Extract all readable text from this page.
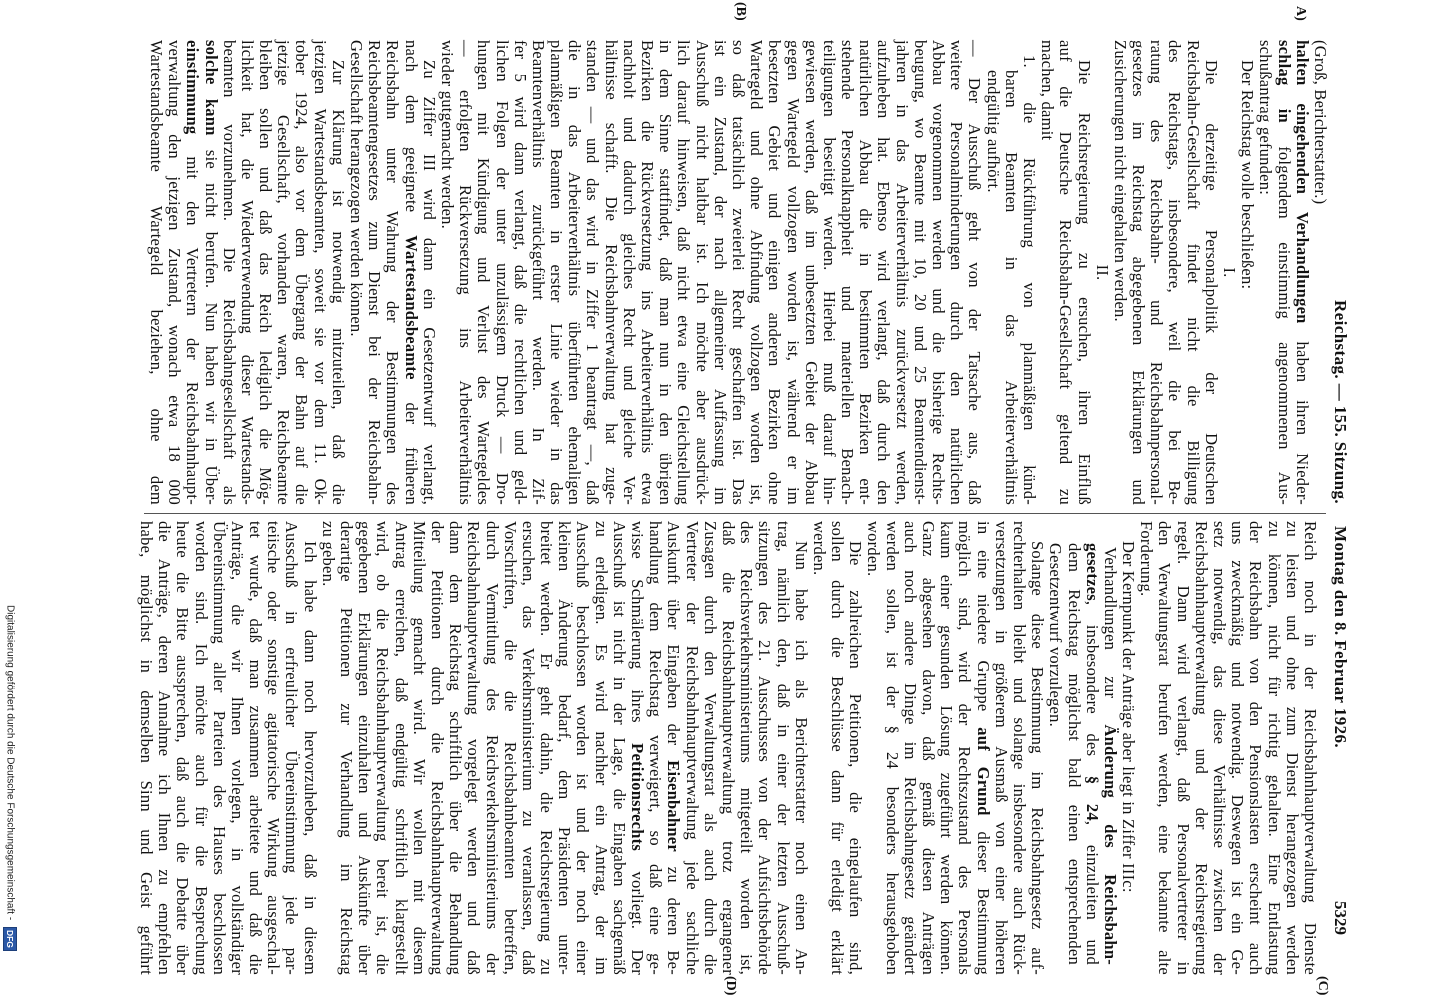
Reichstag. — 155. Sitzung.
Montag den 8. Februar 1926.
5329
A)
(B)
(C)
(D)
(Groß, Berichterstatter.)
halten eingehenden Verhandlungen haben ihren Nieder-
schlag in folgendem einstimmig angenommenen Aus-
schußantrag gefunden:
Der Reichstag wolle beschließen:
I.
Die derzeitige Personalpolitik der Deutschen
Reichsbahn-Gesellschaft findet nicht die Billigung
des Reichstags, insbesondere, weil die bei Be-
ratung des Reichsbahn- und Reichsbahnpersonal-
gesetzes im Reichstag abgegebenen Erklärungen und
Zusicherungen nicht eingehalten werden.
II.
Die Reichsregierung zu ersuchen, ihren Einfluß
auf die Deutsche Reichsbahn-Gesellschaft geltend zu
machen, damit
1. die Rückführung von planmäßigen künd-
baren Beamten in das Arbeiterverhältnis
endgültig aufhört.
— Der Ausschuß geht von der Tatsache aus, daß
weitere Personalminderungen durch den natürlichen
Abbau vorgenommen werden und die bisherige Rechts-
beugung, wo Beamte mit 10, 20 und 25 Beamtendienst-
jahren in das Arbeiterverhältnis zurückversetzt werden,
aufzuheben hat. Ebenso wird verlangt, daß durch den
natürlichen Abbau die in bestimmten Bezirken ent-
stehende Personalknappheit und materiellen Benach-
teiligungen beseitigt werden. Hierbei muß darauf hin-
gewiesen werden, daß im unbesetzten Gebiet der Abbau
gegen Wartegeld vollzogen worden ist, während er im
besetzten Gebiet und einigen anderen Bezirken ohne
Wartegeld und ohne Abfindung vollzogen worden ist,
so daß tatsächlich zweierlei Recht geschaffen ist. Das
ist ein Zustand, der nach allgemeiner Auffassung im
Ausschuß nicht haltbar ist. Ich möchte aber ausdrück-
lich darauf hinweisen, daß nicht etwa eine Gleichstellung
in dem Sinne stattfindet, daß man nun in den übrigen
Bezirken die Rückversetzung ins Arbeiterverhältnis etwa
nachholt und dadurch gleiches Recht und gleiche Ver-
hältnisse schafft. Die Reichsbahnverwaltung hat zuge-
standen — und das wird in Ziffer 1 beantragt —, daß
die in das Arbeiterverhältnis überführten ehemaligen
planmäßigen Beamten in erster Linie wieder in das
Beamtenverhältnis zurückgeführt werden. In Zif-
fer 5 wird dann verlangt, daß die rechtlichen und geld-
lichen Folgen der unter unzulässigem Druck — Dro-
hungen mit Kündigung und Verlust des Wartegeldes
— erfolgten Rückversetzung ins Arbeiterverhältnis
wieder gutgemacht werden.
Zu Ziffer III wird dann ein Gesetzentwurf verlangt,
nach dem geeignete Wartestandsbeamte der früheren
Reichsbahn unter Wahrung der Bestimmungen des
Reichsbeamtengesetzes zum Dienst bei der Reichsbahn-
Gesellschaft herangezogen werden können.
Zur Klärung ist notwendig mitzuteilen, daß die
jetzigen Wartestandsbeamten, soweit sie vor dem 11. Ok-
tober 1924, also vor dem Übergang der Bahn auf die
jetzige Gesellschaft, vorhanden waren, Reichsbeamte
bleiben sollen und daß das Reich lediglich die Mög-
lichkeit hat, die Wiederverwendung dieser Wartestands-
beamten vorzunehmen. Die Reichsbahngesellschaft als
solche kann sie nicht berufen. Nun haben wir in Über-
einstimmung mit den Vertretern der Reichsbahnhaupt-
verwaltung den jetzigen Zustand, wonach etwa 18 000
Wartestandsbeamte Wartegeld beziehen, ohne dem
Reich noch in der Reichsbahnhauptverwaltung Dienste
zu leisten und ohne zum Dienst herangezogen werden
zu können, nicht für richtig gehalten. Eine Entlastung
der Reichsbahn von den Pensionslasten erscheint auch
uns zweckmäßig und notwendig. Deswegen ist ein Ge-
setz notwendig, das diese Verhältnisse zwischen der
Reichsbahnhauptverwaltung und der Reichsregierung
regelt. Dann wird verlangt, daß Personalvertreter in
den Verwaltungsrat berufen werden, eine bekannte alte
Forderung.
Der Kernpunkt der Anträge aber liegt in Ziffer IIIc:
Verhandlungen zur Änderung des Reichsbahn-
gesetzes, insbesondere des § 24, einzuleiten und
dem Reichstag möglichst bald einen entsprechenden
Gesetzentwurf vorzulegen.
Solange diese Bestimmung im Reichsbahngesetz auf-
rechterhalten bleibt und solange insbesondere auch Rück-
versetzungen in größerem Ausmaß von einer höheren
in eine niedere Gruppe auf Grund dieser Bestimmung
möglich sind, wird der Rechtszustand des Personals
kaum einer gesunden Lösung zugeführt werden können.
Ganz abgesehen davon, daß gemäß diesen Anträgen
auch noch andere Dinge im Reichsbahngesetz geändert
werden sollen, ist der § 24 besonders herausgehoben
worden.
Die zahlreichen Petitionen, die eingelaufen sind,
sollen durch die Beschlüsse dann für erledigt erklärt
werden.
Nun habe ich als Berichterstatter noch einen An-
trag, nämlich den, daß in einer der letzten Ausschuß-
sitzungen des 21. Ausschusses von der Aufsichtsbehörde
des Reichsverkehrsministeriums mitgeteilt worden ist,
daß die Reichsbahnhauptverwaltung trotz ergangener
Zusagen durch den Verwaltungsrat als auch durch die
Vertreter der Reichsbahnhauptverwaltung jede sachliche
Auskunft über Eingaben der Eisenbahner zu deren Be-
handlung dem Reichstag verweigert, so daß eine ge-
wisse Schmälerung ihres Petitionsrechts vorliegt. Der
Ausschuß ist nicht in der Lage, die Eingaben sachgemäß
zu erledigen. Es wird nachher ein Antrag, der im
Ausschuß beschlossen worden ist und der noch einer
kleinen Änderung bedarf, dem Präsidenten unter-
breitet werden. Er geht dahin, die Reichsregierung zu
ersuchen, das Verkehrsministerium zu veranlassen, daß
Vorschriften, die die Reichsbahnbeamten betreffen,
durch Vermittlung des Reichsverkehrsministeriums der
Reichsbahnhauptverwaltung vorgelegt werden und daß
dann dem Reichstag schriftlich über die Behandlung
der Petitionen durch die Reichsbahnhauptverwaltung
Mitteilung gemacht wird. Wir wollen mit diesem
Antrag erreichen, daß endgültig schriftlich klargestellt
wird, ob die Reichsbahnhauptverwaltung bereit ist, die
gegebenen Erklärungen einzuhalten und Auskünfte über
derartige Petitionen zur Verhandlung im Reichstag
zu geben.
Ich habe dann noch hervorzuheben, daß in diesem
Ausschuß in erfreulicher Übereinstimmung jede par-
teiische oder sonstige agitatorische Wirkung ausgeschal-
tet wurde, daß man zusammen arbeitete und daß die
Anträge, die wir Ihnen vorlegen, in vollständiger
Übereinstimmung aller Parteien des Hauses beschlossen
worden sind. Ich möchte auch für die Besprechung
heute die Bitte aussprechen, daß auch die Debatte über
die Anträge, deren Annahme ich Ihnen zu empfehlen
habe, möglichst in demselben Sinn und Geist geführt
Digitalisierung gefördert durch die Deutsche Forschungsgemeinschaft - DFG
